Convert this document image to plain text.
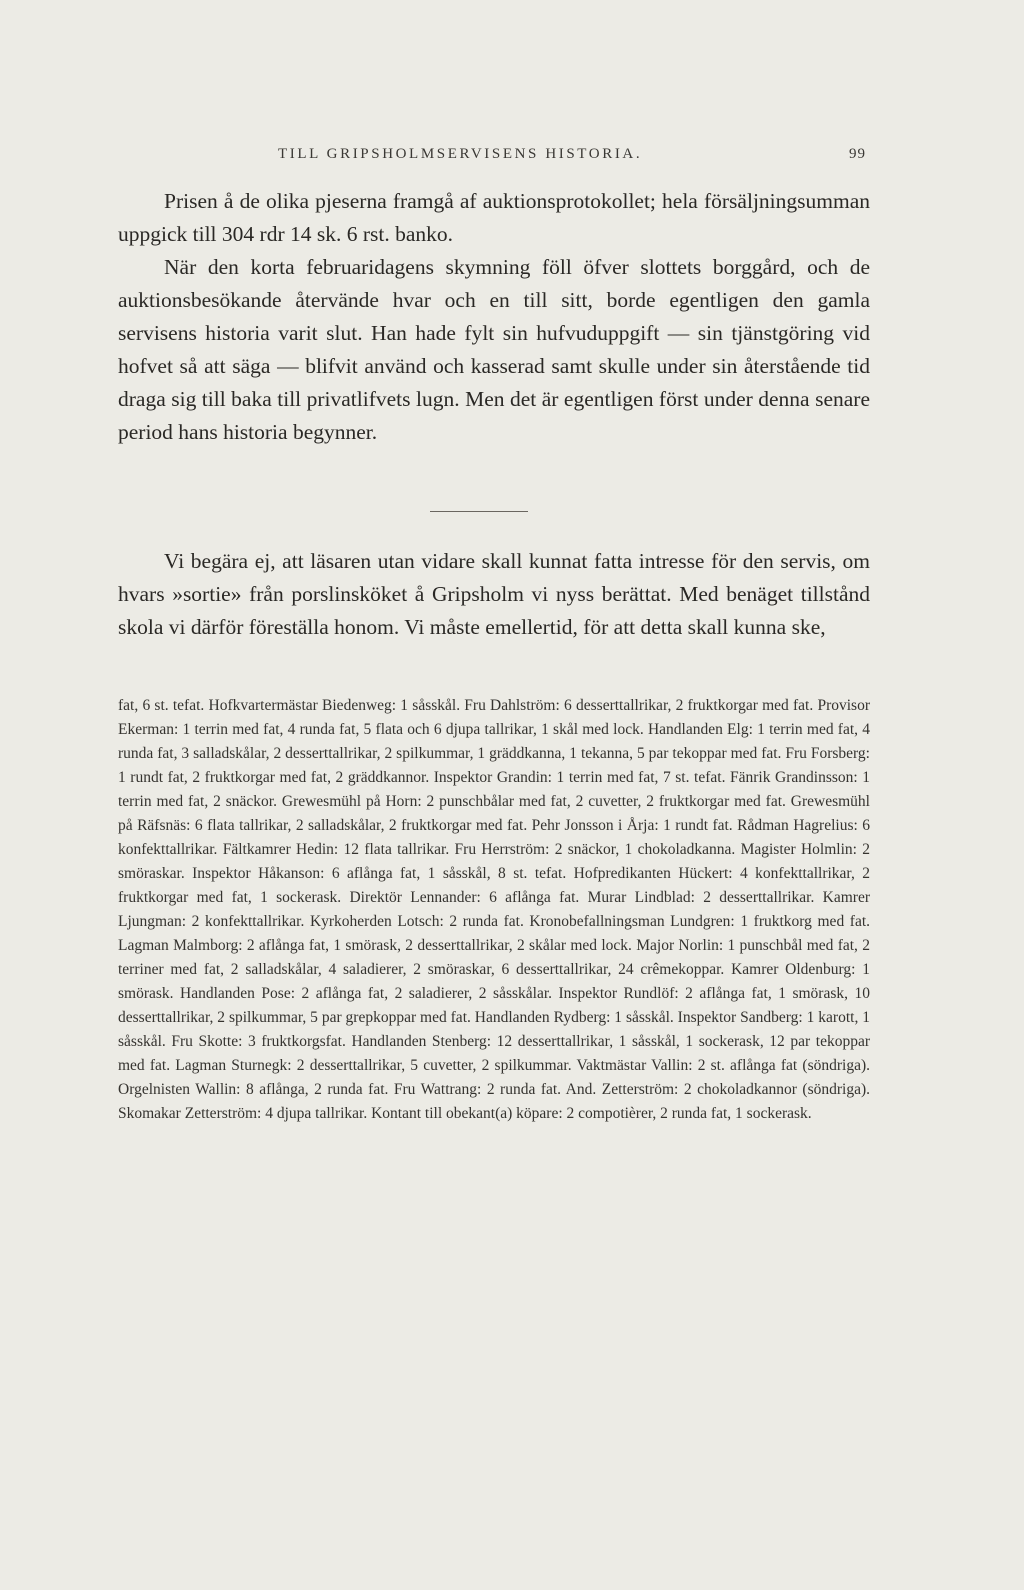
TILL GRIPSHOLMSERVISENS HISTORIA.	99

Prisen å de olika pjeserna framgå af auktionsprotokollet; hela försäljningsumman uppgick till 304 rdr 14 sk. 6 rst. banko.

När den korta februaridagens skymning föll öfver slottets borggård, och de auktionsbesökande återvände hvar och en till sitt, borde egentligen den gamla servisens historia varit slut. Han hade fylt sin hufvuduppgift — sin tjänstgöring vid hofvet så att säga — blifvit använd och kasserad samt skulle under sin återstående tid draga sig till baka till privatlifvets lugn. Men det är egentligen först under denna senare period hans historia begynner.

Vi begära ej, att läsaren utan vidare skall kunnat fatta intresse för den servis, om hvars »sortie» från porslinsköket å Gripsholm vi nyss berättat. Med benäget tillstånd skola vi därför föreställa honom. Vi måste emellertid, för att detta skall kunna ske,

fat, 6 st. tefat. Hofkvartermästar Biedenweg: 1 såsskål. Fru Dahlström: 6 desserttallrikar, 2 fruktkorgar med fat. Provisor Ekerman: 1 terrin med fat, 4 runda fat, 5 flata och 6 djupa tallrikar, 1 skål med lock. Handlanden Elg: 1 terrin med fat, 4 runda fat, 3 salladskålar, 2 desserttallrikar, 2 spilkummar, 1 gräddkanna, 1 tekanna, 5 par tekoppar med fat. Fru Forsberg: 1 rundt fat, 2 fruktkorgar med fat, 2 gräddkannor. Inspektor Grandin: 1 terrin med fat, 7 st. tefat. Fänrik Grandinsson: 1 terrin med fat, 2 snäckor. Grewesmühl på Horn: 2 punschbålar med fat, 2 cuvetter, 2 fruktkorgar med fat. Grewesmühl på Räfsnäs: 6 flata tallrikar, 2 salladskålar, 2 fruktkorgar med fat. Pehr Jonsson i Årja: 1 rundt fat. Rådman Hagrelius: 6 konfekttallrikar. Fältkamrer Hedin: 12 flata tallrikar. Fru Herrström: 2 snäckor, 1 chokoladkanna. Magister Holmlin: 2 smöraskar. Inspektor Håkanson: 6 aflånga fat, 1 såsskål, 8 st. tefat. Hofpredikanten Hückert: 4 konfekttallrikar, 2 fruktkorgar med fat, 1 sockerask. Direktör Lennander: 6 aflånga fat. Murar Lindblad: 2 desserttallrikar. Kamrer Ljungman: 2 konfekttallrikar. Kyrkoherden Lotsch: 2 runda fat. Kronobefallningsman Lundgren: 1 fruktkorg med fat. Lagman Malmborg: 2 aflånga fat, 1 smörask, 2 desserttallrikar, 2 skålar med lock. Major Norlin: 1 punschbål med fat, 2 terriner med fat, 2 salladskålar, 4 saladierer, 2 smöraskar, 6 desserttallrikar, 24 crêmekoppar. Kamrer Oldenburg: 1 smörask. Handlanden Pose: 2 aflånga fat, 2 saladierer, 2 såsskålar. Inspektor Rundlöf: 2 aflånga fat, 1 smörask, 10 desserttallrikar, 2 spilkummar, 5 par grepkoppar med fat. Handlanden Rydberg: 1 såsskål. Inspektor Sandberg: 1 karott, 1 såsskål. Fru Skotte: 3 fruktkorgsfat. Handlanden Stenberg: 12 desserttallrikar, 1 såsskål, 1 sockerask, 12 par tekoppar med fat. Lagman Sturnegk: 2 desserttallrikar, 5 cuvetter, 2 spilkummar. Vaktmästar Vallin: 2 st. aflånga fat (söndriga). Orgelnisten Wallin: 8 aflånga, 2 runda fat. Fru Wattrang: 2 runda fat. And. Zetterström: 2 chokoladkannor (söndriga). Skomakar Zetterström: 4 djupa tallrikar. Kontant till obekant(a) köpare: 2 compotièrer, 2 runda fat, 1 sockerask.
